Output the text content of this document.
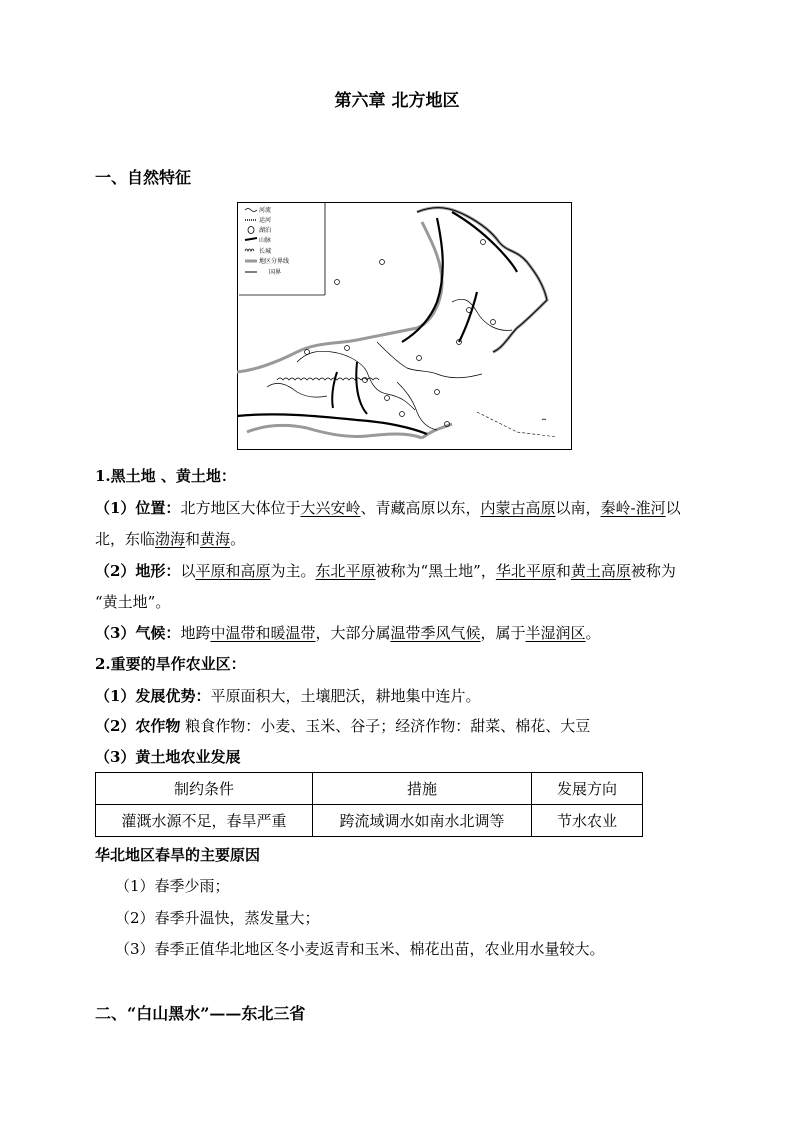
第六章 北方地区
一、自然特征
河流
运河
湖泊
山脉
长城
地区分界线
国界
1.黑土地 、黄土地：
（1）位置：北方地区大体位于大兴安岭、青藏高原以东，内蒙古高原以南，秦岭-淮河以
北，东临渤海和黄海。
（2）地形：以平原和高原为主。东北平原被称为“黑土地”，华北平原和黄土高原被称为
“黄土地”。
（3）气候：地跨中温带和暖温带，大部分属温带季风气候，属于半湿润区。
2.重要的旱作农业区：
（1）发展优势：平原面积大，土壤肥沃，耕地集中连片。
（2）农作物 粮食作物：小麦、玉米、谷子；经济作物：甜菜、棉花、大豆
（3）黄土地农业发展
制约条件	措施	发展方向
灌溉水源不足，春旱严重	跨流域调水如南水北调等	节水农业
华北地区春旱的主要原因
（1）春季少雨；
（2）春季升温快，蒸发量大；
（3）春季正值华北地区冬小麦返青和玉米、棉花出苗，农业用水量较大。
二、“白山黑水”——东北三省
